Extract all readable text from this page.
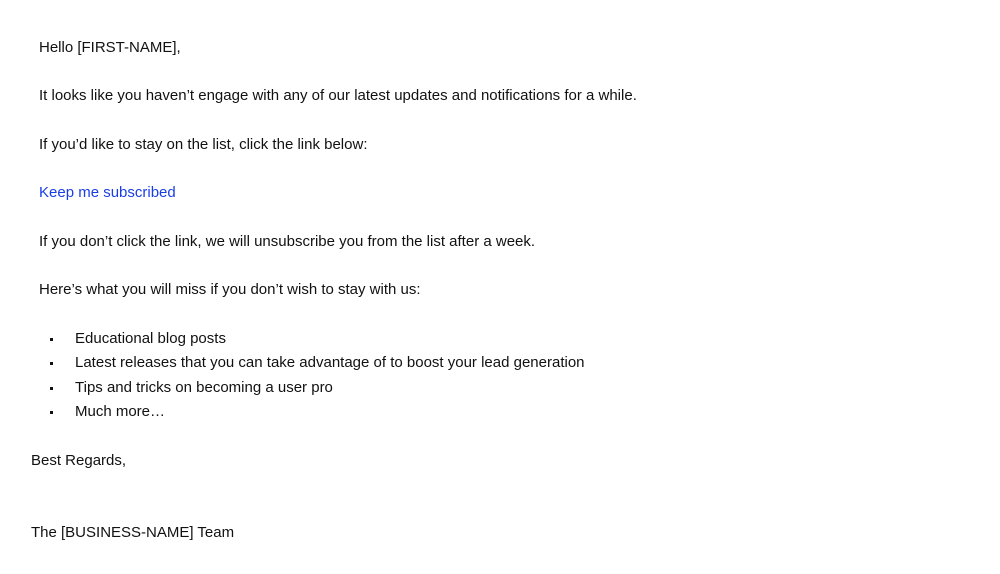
Hello [FIRST-NAME],
It looks like you haven’t engage with any of our latest updates and notifications for a while.
If you’d like to stay on the list, click the link below:
Keep me subscribed
If you don’t click the link, we will unsubscribe you from the list after a week.
Here’s what you will miss if you don’t wish to stay with us:
Educational blog posts
Latest releases that you can take advantage of to boost your lead generation
Tips and tricks on becoming a user pro
Much more…
Best Regards,
The [BUSINESS-NAME] Team
